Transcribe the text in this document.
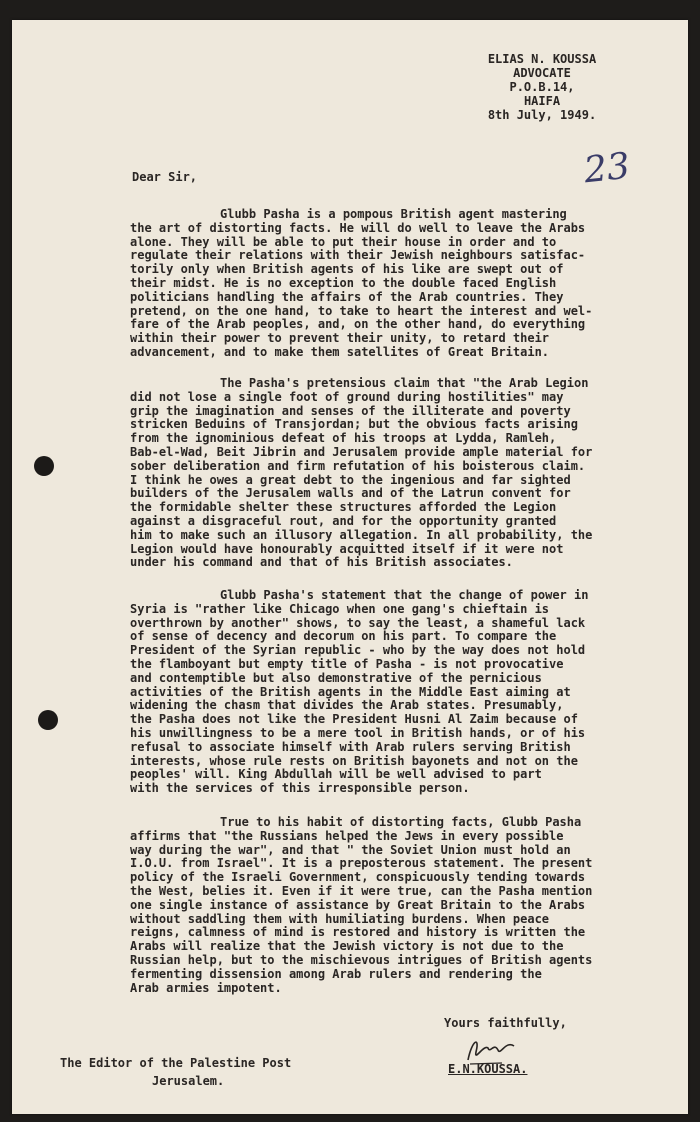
ELIAS N. KOUSSA
ADVOCATE
P.O.B.14,
HAIFA
8th July, 1949.
23
Dear Sir,
Glubb Pasha is a pompous British agent mastering
the art of distorting facts. He will do well to leave the Arabs
alone. They will be able to put their house in order and to
regulate their relations with their Jewish neighbours satisfac-
torily only when British agents of his like are swept out of
their midst. He is no exception to the double faced English
politicians handling the affairs of the Arab countries. They
pretend, on the one hand, to take to heart the interest and wel-
fare of the Arab peoples, and, on the other hand, do everything
within their power to prevent their unity, to retard their
advancement, and to make them satellites of Great Britain.
The Pasha's pretensious claim that "the Arab Legion
did not lose a single foot of ground during hostilities" may
grip the imagination and senses of the illiterate and poverty
stricken Beduins of Transjordan; but the obvious facts arising
from the ignominious defeat of his troops at Lydda, Ramleh,
Bab-el-Wad, Beit Jibrin and Jerusalem provide ample material for
sober deliberation and firm refutation of his boisterous claim.
I think he owes a great debt to the ingenious and far sighted
builders of the Jerusalem walls and of the Latrun convent for
the formidable shelter these structures afforded the Legion
against a disgraceful rout, and for the opportunity granted
him to make such an illusory allegation. In all probability, the
Legion would have honourably acquitted itself if it were not
under his command and that of his British associates.
Glubb Pasha's statement that the change of power in
Syria is "rather like Chicago when one gang's chieftain is
overthrown by another" shows, to say the least, a shameful lack
of sense of decency and decorum on his part. To compare the
President of the Syrian republic - who by the way does not hold
the flamboyant but empty title of Pasha - is not provocative
and contemptible but also demonstrative of the pernicious
activities of the British agents in the Middle East aiming at
widening the chasm that divides the Arab states. Presumably,
the Pasha does not like the President Husni Al Zaim because of
his unwillingness to be a mere tool in British hands, or of his
refusal to associate himself with Arab rulers serving British
interests, whose rule rests on British bayonets and not on the
peoples' will. King Abdullah will be well advised to part
with the services of this irresponsible person.
True to his habit of distorting facts, Glubb Pasha
affirms that "the Russians helped the Jews in every possible
way during the war", and that " the Soviet Union must hold an
I.O.U. from Israel". It is a preposterous statement. The present
policy of the Israeli Government, conspicuously tending towards
the West, belies it. Even if it were true, can the Pasha mention
one single instance of assistance by Great Britain to the Arabs
without saddling them with humiliating burdens. When peace
reigns, calmness of mind is restored and history is written the
Arabs will realize that the Jewish victory is not due to the
Russian help, but to the mischievous intrigues of British agents
fermenting dissension among Arab rulers and rendering the
Arab armies impotent.
Yours faithfully,
E.N.KOUSSA.
The Editor of the Palestine Post
Jerusalem.
